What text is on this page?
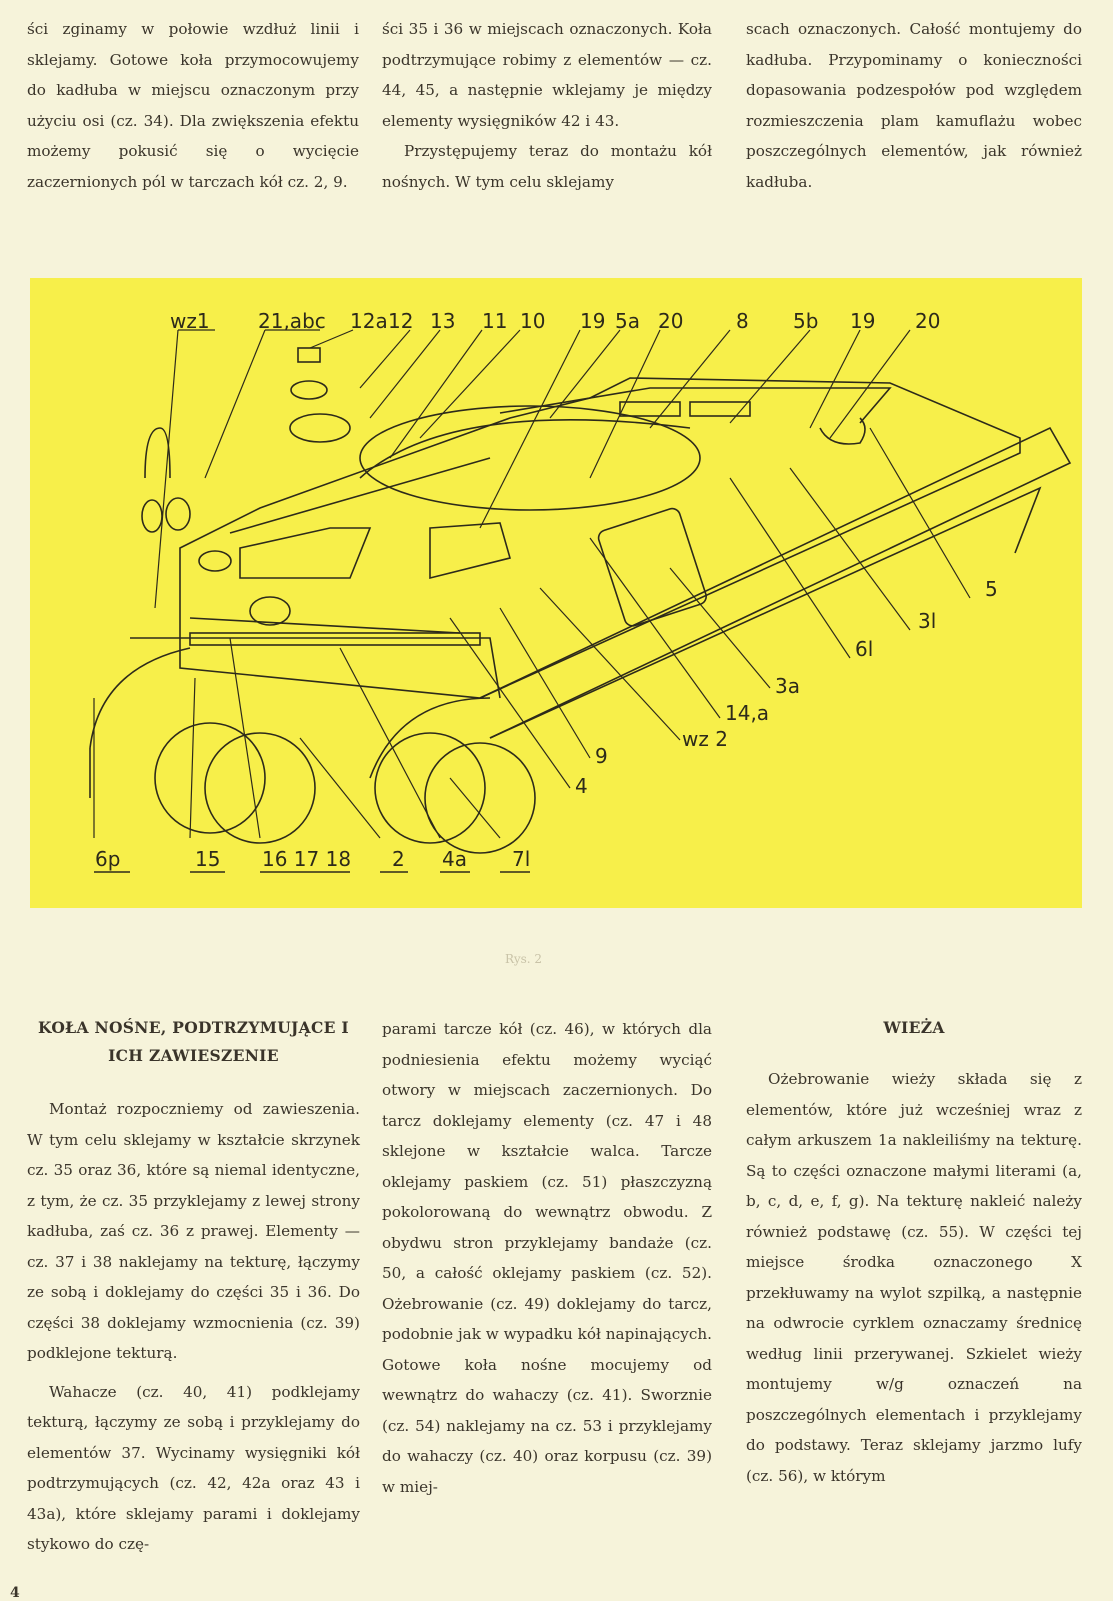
ści zginamy w połowie wzdłuż linii i sklejamy. Gotowe koła przymocowujemy do kadłuba w miejscu oznaczonym przy użyciu osi (cz. 34). Dla zwiększenia efektu możemy pokusić się o wycięcie zaczernionych pól w tarczach kół cz. 2, 9.

ści 35 i 36 w miejscach oznaczonych. Koła podtrzymujące robimy z elementów — cz. 44, 45, a następnie wklejamy je między elementy wysięgników 42 i 43.

Przystępujemy teraz do montażu kół nośnych. W tym celu sklejamy

scach oznaczonych. Całość montujemy do kadłuba. Przypominamy o konieczności dopasowania podzespołów pod względem rozmieszczenia plam kamuflażu wobec poszczególnych elementów, jak również kadłuba.

wz1 21,abc 12a 12 13 11 10 19 5a 20	8 5b 19 20
5
3l
6l
3a
14,a
wz 2
9
4
6p	15 16 17 18 2 4a 7l
Rys. 2
KOŁA NOŚNE, PODTRZYMUJĄCE I ICH ZAWIESZENIE

Montaż rozpoczniemy od zawieszenia. W tym celu sklejamy w kształcie skrzynek cz. 35 oraz 36, które są niemal identyczne, z tym, że cz. 35 przyklejamy z lewej strony kadłuba, zaś cz. 36 z prawej. Elementy — cz. 37 i 38 naklejamy na tekturę, łączymy ze sobą i doklejamy do części 35 i 36. Do części 38 doklejamy wzmocnienia (cz. 39) podklejone tekturą.

Wahacze (cz. 40, 41) podklejamy tekturą, łączymy ze sobą i przyklejamy do elementów 37. Wycinamy wysięgniki kół podtrzymujących (cz. 42, 42a oraz 43 i 43a), które sklejamy parami i doklejamy stykowo do czę-

parami tarcze kół (cz. 46), w których dla podniesienia efektu możemy wyciąć otwory w miejscach zaczernionych. Do tarcz doklejamy elementy (cz. 47 i 48 sklejone w kształcie walca. Tarcze oklejamy paskiem (cz. 51) płaszczyzną pokolorowaną do wewnątrz obwodu. Z obydwu stron przyklejamy bandaże (cz. 50, a całość oklejamy paskiem (cz. 52). Ożebrowanie (cz. 49) doklejamy do tarcz, podobnie jak w wypadku kół napinających. Gotowe koła nośne mocujemy od wewnątrz do wahaczy (cz. 41). Sworznie (cz. 54) naklejamy na cz. 53 i przyklejamy do wahaczy (cz. 40) oraz korpusu (cz. 39) w miej-

WIEŻA

Ożebrowanie wieży składa się z elementów, które już wcześniej wraz z całym arkuszem 1a nakleiliśmy na tekturę. Są to części oznaczone małymi literami (a, b, c, d, e, f, g). Na tekturę nakleić należy również podstawę (cz. 55). W części tej miejsce środka oznaczonego X przekłuwamy na wylot szpilką, a następnie na odwrocie cyrklem oznaczamy średnicę według linii przerywanej. Szkielet wieży montujemy w/g oznaczeń na poszczególnych elementach i przyklejamy do podstawy. Teraz sklejamy jarzmo lufy (cz. 56), w którym

4
